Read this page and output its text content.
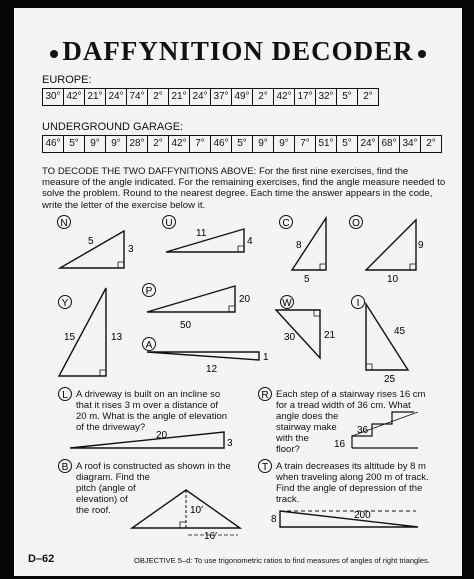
DAFFYNITION DECODER
EUROPE:
30° 42° 21° 24° 74° 2° 21° 24° 37° 49° 2° 42° 17° 32° 5°	2°
UNDERGROUND GARAGE:
46° 5°	9°	9° 28° 2° 42° 7° 46° 5°	9°	9°	7° 51° 5° 24° 68° 34° 2°
TO DECODE THE TWO DAFFYNITIONS ABOVE: For the first nine exercises, find the measure of the angle indicated. For the remaining exercises, find the angle measure needed to solve the problem. Round to the nearest degree. Each time the answer appears in the code, write the letter of the exercise below it.
N
5
3
U
11
4
C
8
5
O
9
10
Y
15	13
P
20
50
A
12
1
W
30	21
I
45
25
L
20
3
R
36
16
B
10′
16′
T
200
8
A driveway is built on an incline so
that it rises 3 m over a distance of
20 m. What is the angle of elevation
of the driveway?
Each step of a stairway rises 16 cm
for a tread width of 36 cm. What
angle does the
stairway make
with the
floor?
A roof is constructed as shown in the
diagram. Find the
pitch (angle of
elevation) of
the roof.
A train decreases its altitude by 8 m
when traveling along 200 m of track.
Find the angle of depression of the
track.
D–62	OBJECTIVE 5–d: To use trigonometric ratios to find measures of angles of right triangles.
